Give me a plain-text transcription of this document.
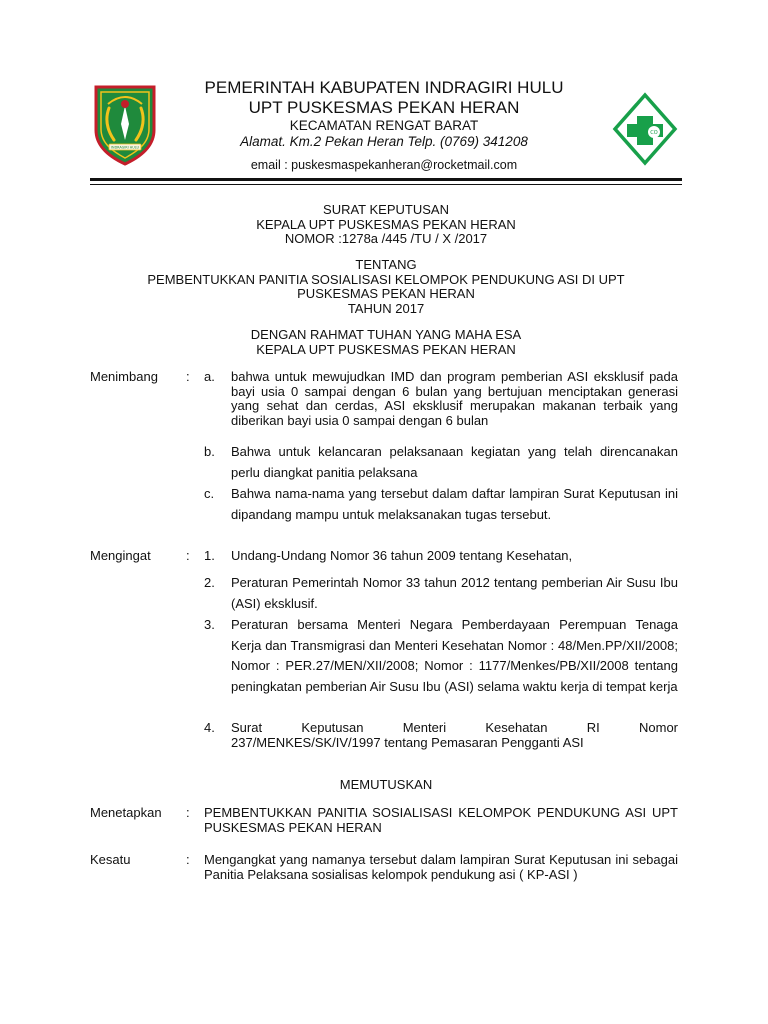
INDRAGIRI HULU
CO
PEMERINTAH KABUPATEN INDRAGIRI HULU
UPT PUSKESMAS PEKAN HERAN
KECAMATAN RENGAT BARAT
Alamat. Km.2 Pekan Heran Telp. (0769) 341208
email : puskesmaspekanheran@rocketmail.com
SURAT KEPUTUSAN
KEPALA UPT PUSKESMAS PEKAN HERAN
NOMOR :1278a /445 /TU / X /2017
TENTANG
PEMBENTUKKAN PANITIA SOSIALISASI KELOMPOK PENDUKUNG ASI DI UPT
PUSKESMAS PEKAN HERAN
TAHUN 2017
DENGAN RAHMAT TUHAN YANG MAHA ESA
KEPALA UPT PUSKESMAS PEKAN HERAN
Menimbang : a. bahwa untuk mewujudkan IMD dan program pemberian ASI eksklusif pada bayi usia 0 sampai dengan 6 bulan yang bertujuan menciptakan generasi yang sehat dan cerdas, ASI eksklusif merupakan makanan terbaik yang diberikan bayi usia 0 sampai dengan 6 bulan
b. Bahwa untuk kelancaran pelaksanaan kegiatan yang telah direncanakan perlu diangkat panitia pelaksana
c. Bahwa nama-nama yang tersebut dalam daftar lampiran Surat Keputusan ini dipandang mampu untuk melaksanakan tugas tersebut.
Mengingat	: 1. Undang-Undang Nomor 36 tahun 2009 tentang Kesehatan,
2. Peraturan Pemerintah Nomor 33 tahun 2012 tentang pemberian Air Susu Ibu (ASI) eksklusif.
3. Peraturan bersama Menteri Negara Pemberdayaan Perempuan Tenaga Kerja dan Transmigrasi dan Menteri Kesehatan Nomor : 48/Men.PP/XII/2008; Nomor : PER.27/MEN/XII/2008; Nomor : 1177/Menkes/PB/XII/2008 tentang peningkatan pemberian Air Susu Ibu (ASI) selama waktu kerja di tempat kerja
4. Surat Keputusan Menteri Kesehatan RI Nomor
237/MENKES/SK/IV/1997 tentang Pemasaran Pengganti ASI
MEMUTUSKAN
Menetapkan : PEMBENTUKKAN PANITIA SOSIALISASI KELOMPOK PENDUKUNG ASI UPT PUSKESMAS PEKAN HERAN
Kesatu	: Mengangkat yang namanya tersebut dalam lampiran Surat Keputusan ini sebagai Panitia Pelaksana sosialisas kelompok pendukung asi ( KP-ASI )
